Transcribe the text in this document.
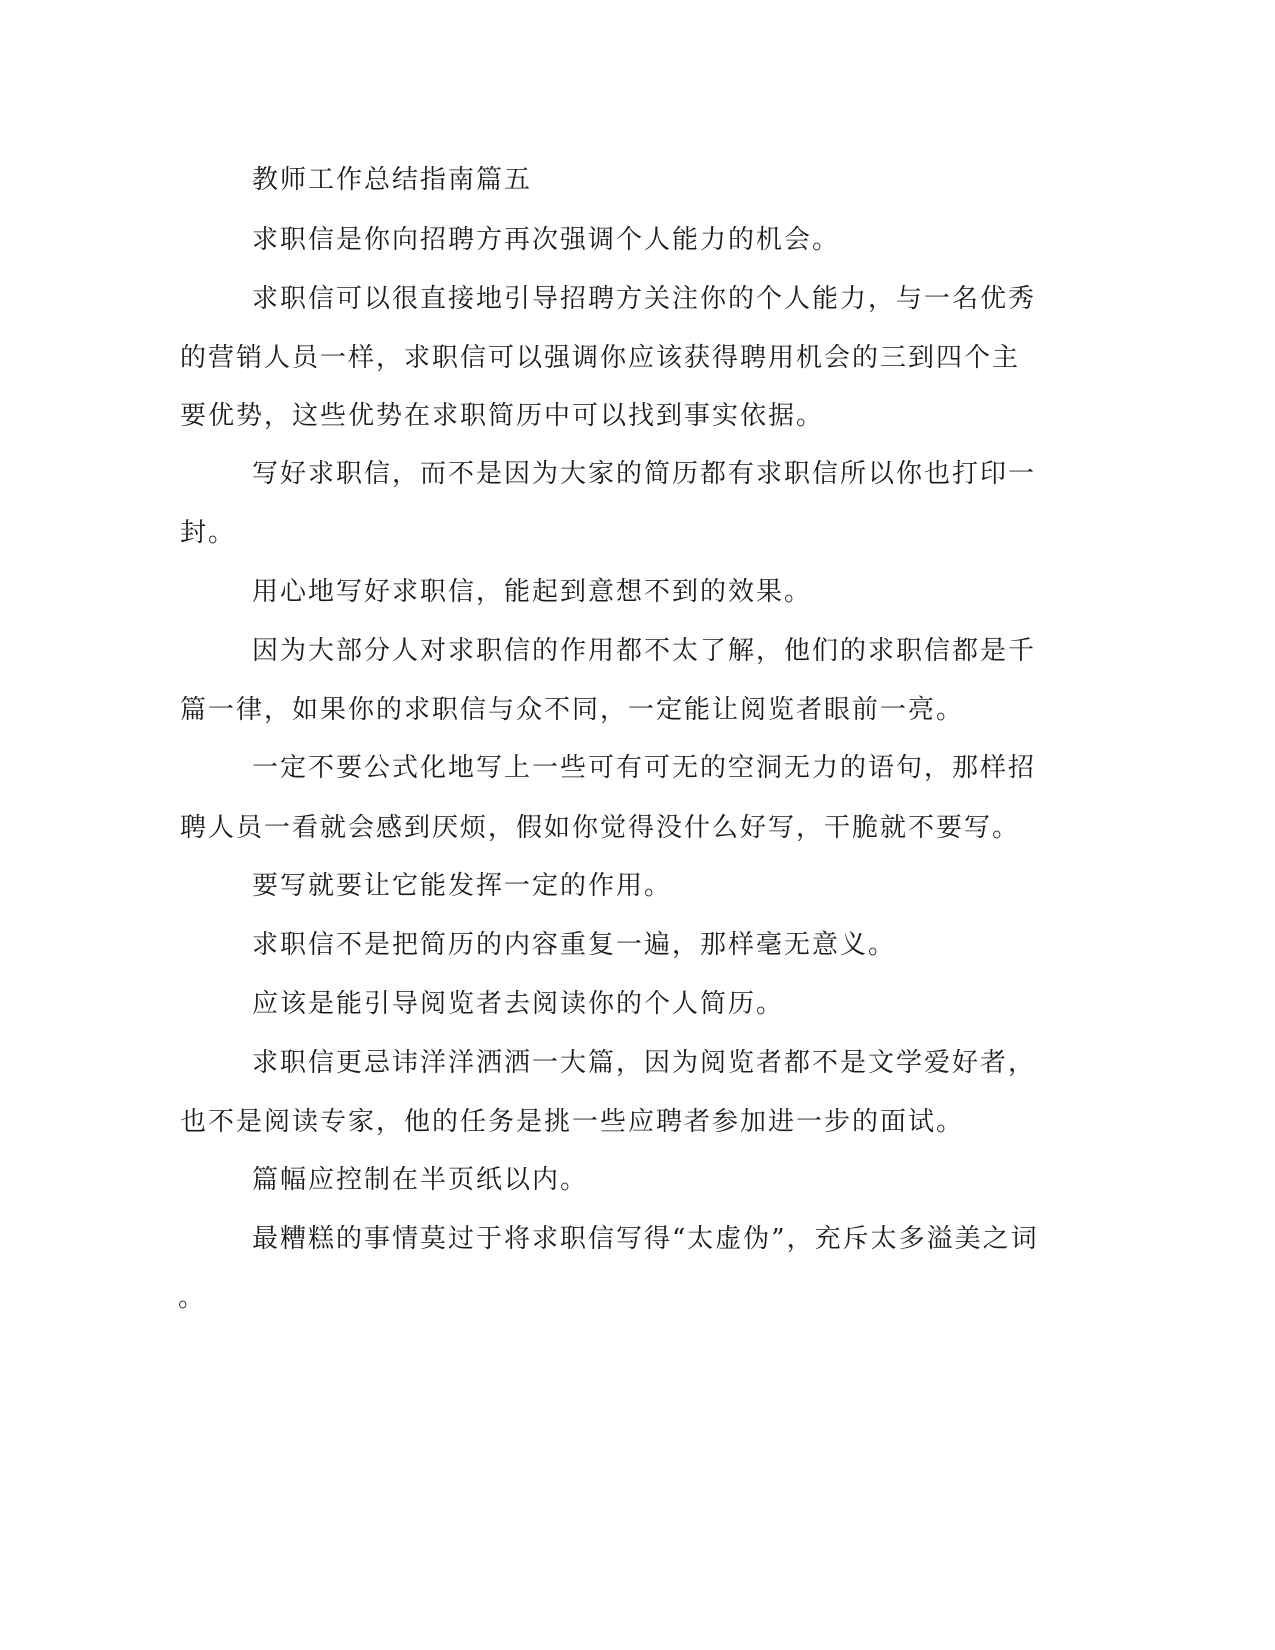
教师工作总结指南篇五

求职信是你向招聘方再次强调个人能力的机会。

求职信可以很直接地引导招聘方关注你的个人能力，与一名优秀

的营销人员一样，求职信可以强调你应该获得聘用机会的三到四个主

要优势，这些优势在求职简历中可以找到事实依据。

写好求职信，而不是因为大家的简历都有求职信所以你也打印一

封。

用心地写好求职信，能起到意想不到的效果。

因为大部分人对求职信的作用都不太了解，他们的求职信都是千

篇一律，如果你的求职信与众不同，一定能让阅览者眼前一亮。

一定不要公式化地写上一些可有可无的空洞无力的语句，那样招

聘人员一看就会感到厌烦，假如你觉得没什么好写，干脆就不要写。

要写就要让它能发挥一定的作用。

求职信不是把简历的内容重复一遍，那样毫无意义。

应该是能引导阅览者去阅读你的个人简历。

求职信更忌讳洋洋洒洒一大篇，因为阅览者都不是文学爱好者，

也不是阅读专家，他的任务是挑一些应聘者参加进一步的面试。

篇幅应控制在半页纸以内。

最糟糕的事情莫过于将求职信写得“太虚伪”，充斥太多溢美之词

。
